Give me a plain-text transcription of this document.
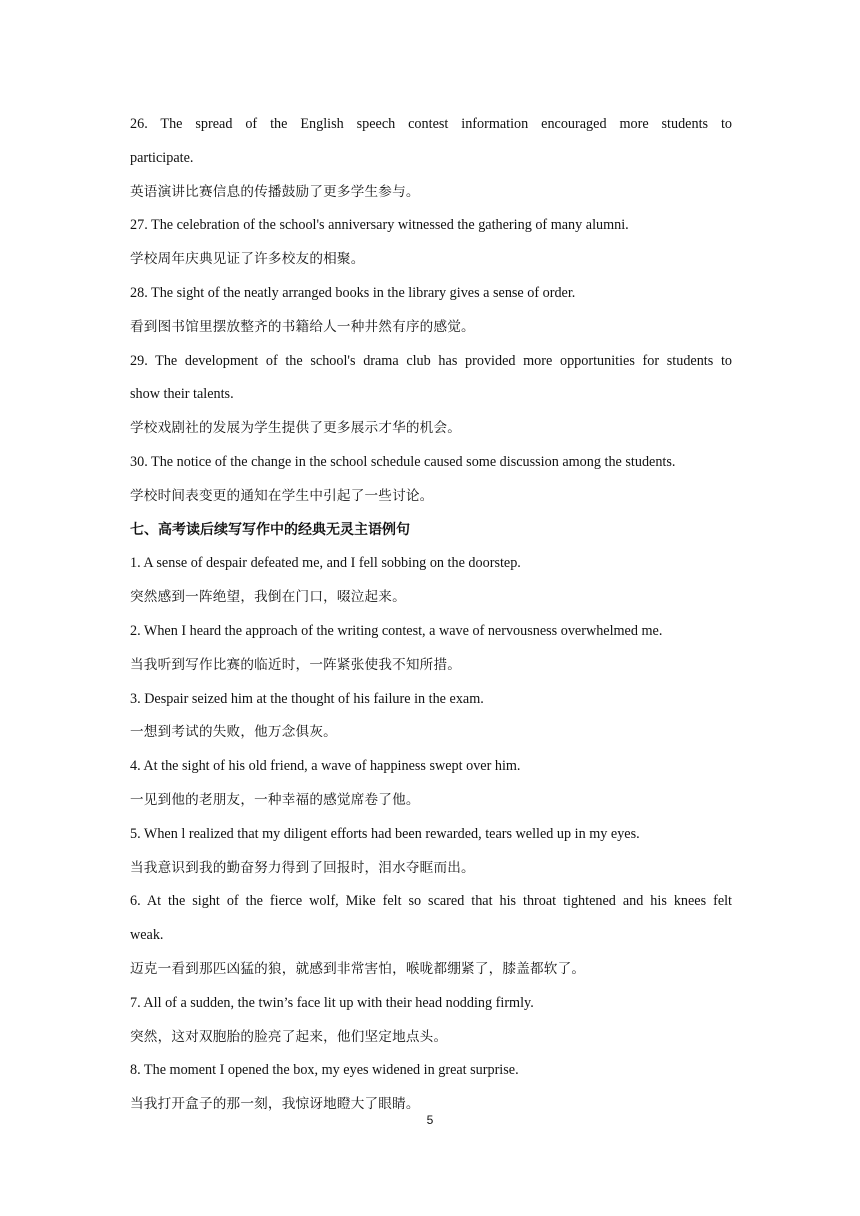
26. The spread of the English speech contest information encouraged more students to

participate.

英语演讲比赛信息的传播鼓励了更多学生参与。

27. The celebration of the school's anniversary witnessed the gathering of many alumni.

学校周年庆典见证了许多校友的相聚。

28. The sight of the neatly arranged books in the library gives a sense of order.

看到图书馆里摆放整齐的书籍给人一种井然有序的感觉。

29. The development of the school's drama club has provided more opportunities for students to

show their talents.

学校戏剧社的发展为学生提供了更多展示才华的机会。

30. The notice of the change in the school schedule caused some discussion among the students.

学校时间表变更的通知在学生中引起了一些讨论。

七、高考读后续写写作中的经典无灵主语例句

1. A sense of despair defeated me, and I fell sobbing on the doorstep.

突然感到一阵绝望，我倒在门口，啜泣起来。

2. When I heard the approach of the writing contest, a wave of nervousness overwhelmed me.

当我听到写作比赛的临近时，一阵紧张使我不知所措。

3. Despair seized him at the thought of his failure in the exam.

一想到考试的失败，他万念俱灰。

4. At the sight of his old friend, a wave of happiness swept over him.

一见到他的老朋友，一种幸福的感觉席卷了他。

5. When l realized that my diligent efforts had been rewarded, tears welled up in my eyes.

当我意识到我的勤奋努力得到了回报时，泪水夺眶而出。

6. At the sight of the fierce wolf, Mike felt so scared that his throat tightened and his knees felt

weak.

迈克一看到那匹凶猛的狼，就感到非常害怕，喉咙都绷紧了，膝盖都软了。

7. All of a sudden, the twin’s face lit up with their head nodding firmly.

突然，这对双胞胎的脸亮了起来，他们坚定地点头。

8. The moment I opened the box, my eyes widened in great surprise.

当我打开盒子的那一刻，我惊讶地瞪大了眼睛。

5
